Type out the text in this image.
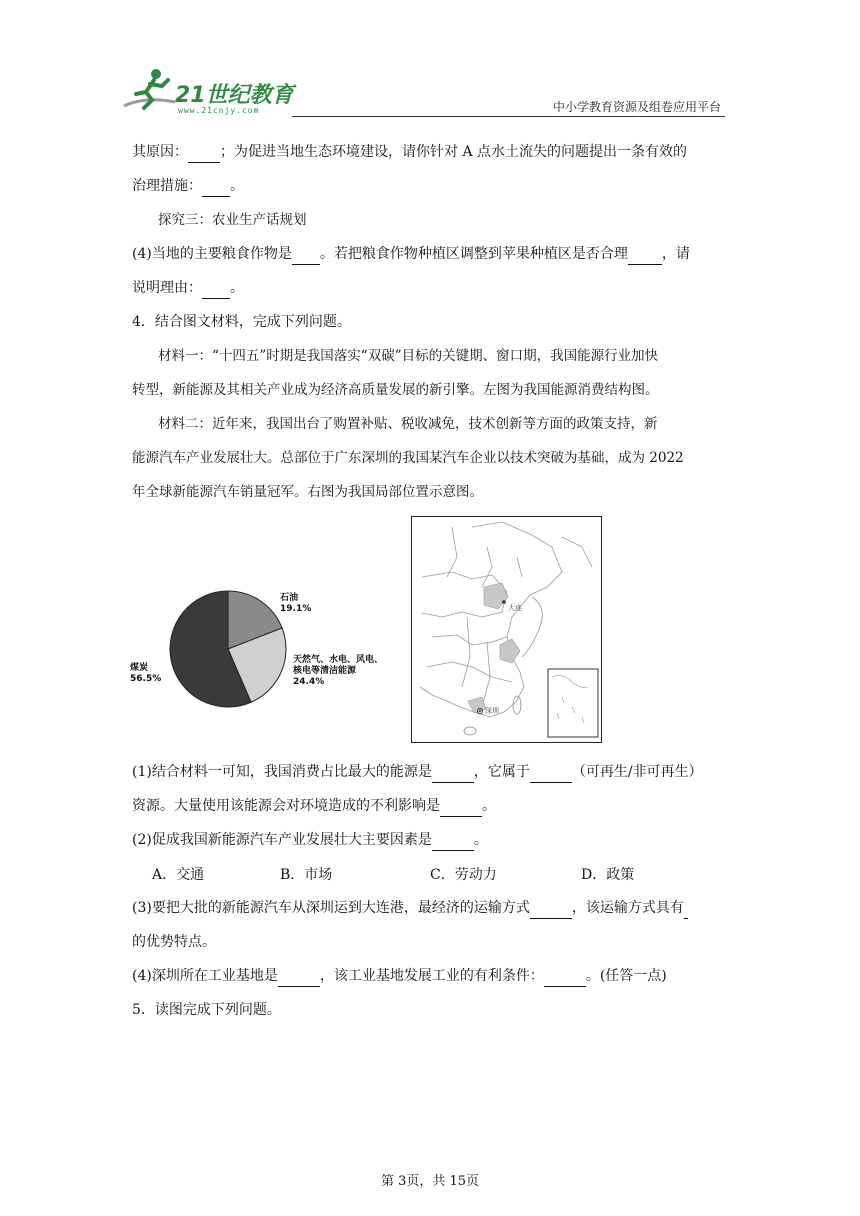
21世纪教育
www.21cnjy.com	中小学教育资源及组卷应用平台
其原因： ；为促进当地生态环境建设，请你针对 A 点水土流失的问题提出一条有效的
治理措施： 。
探究三：农业生产话规划
(4)当地的主要粮食作物是 。若把粮食作物种植区调整到苹果种植区是否合理 ，请
说明理由： 。
4．结合图文材料，完成下列问题。
材料一：“十四五”时期是我国落实“双碳”目标的关键期、窗口期，我国能源行业加快
转型，新能源及其相关产业成为经济高质量发展的新引擎。左图为我国能源消费结构图。
材料二：近年来，我国出台了购置补贴、税收减免，技术创新等方面的政策支持，新
能源汽车产业发展壮大。总部位于广东深圳的我国某汽车企业以技术突破为基础，成为 2022
年全球新能源汽车销量冠军。右图为我国局部位置示意图。
石油
19.1%
天然气、水电、风电、
核电等清洁能源
24.4%
煤炭
56.5%
大连
深圳
(1)结合材料一可知，我国消费占比最大的能源是	，它属于	（可再生/非可再生）
资源。大量使用该能源会对环境造成的不利影响是	。
(2)促成我国新能源汽车产业发展壮大主要因素是	。
A．交通	B．市场	C．劳动力	D．政策
(3)要把大批的新能源汽车从深圳运到大连港，最经济的运输方式	，该运输方式具有
的优势特点。
(4)深圳所在工业基地是	，该工业基地发展工业的有利条件：	。(任答一点)
5．读图完成下列问题。
第 3页，共 15页
